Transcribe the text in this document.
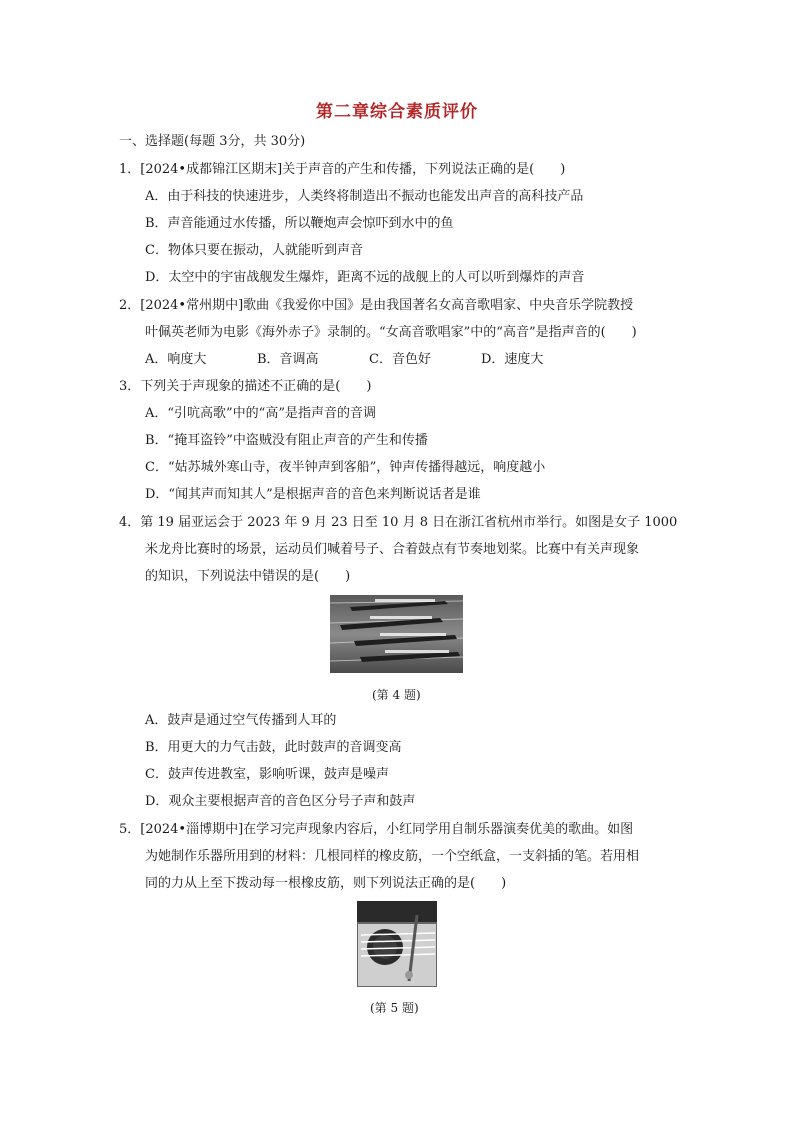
第二章综合素质评价
一、选择题(每题 3分，共 30分)
1．[2024•成都锦江区期末]关于声音的产生和传播，下列说法正确的是(　　)
A．由于科技的快速进步，人类终将制造出不振动也能发出声音的高科技产品
B．声音能通过水传播，所以鞭炮声会惊吓到水中的鱼
C．物体只要在振动，人就能听到声音
D．太空中的宇宙战舰发生爆炸，距离不远的战舰上的人可以听到爆炸的声音
2．[2024•常州期中]歌曲《我爱你中国》是由我国著名女高音歌唱家、中央音乐学院教授
叶佩英老师为电影《海外赤子》录制的。“女高音歌唱家”中的“高音”是指声音的(　　)
A．响度大	B．音调高	C．音色好	D．速度大
3．下列关于声现象的描述不正确的是(　　)
A．“引吭高歌”中的“高”是指声音的音调
B．“掩耳盗铃”中盗贼没有阻止声音的产生和传播
C．“姑苏城外寒山寺，夜半钟声到客船”，钟声传播得越远，响度越小
D．“闻其声而知其人”是根据声音的音色来判断说话者是谁
4．第 19 届亚运会于 2023 年 9 月 23 日至 10 月 8 日在浙江省杭州市举行。如图是女子 1000
米龙舟比赛时的场景，运动员们喊着号子、合着鼓点有节奏地划桨。比赛中有关声现象
的知识，下列说法中错误的是(　　)
(第 4 题)
A．鼓声是通过空气传播到人耳的
B．用更大的力气击鼓，此时鼓声的音调变高
C．鼓声传进教室，影响听课，鼓声是噪声
D．观众主要根据声音的音色区分号子声和鼓声
5．[2024•淄博期中]在学习完声现象内容后，小红同学用自制乐器演奏优美的歌曲。如图
为她制作乐器所用到的材料：几根同样的橡皮筋，一个空纸盒，一支斜插的笔。若用相
同的力从上至下拨动每一根橡皮筋，则下列说法正确的是(　　)
(第 5 题)
